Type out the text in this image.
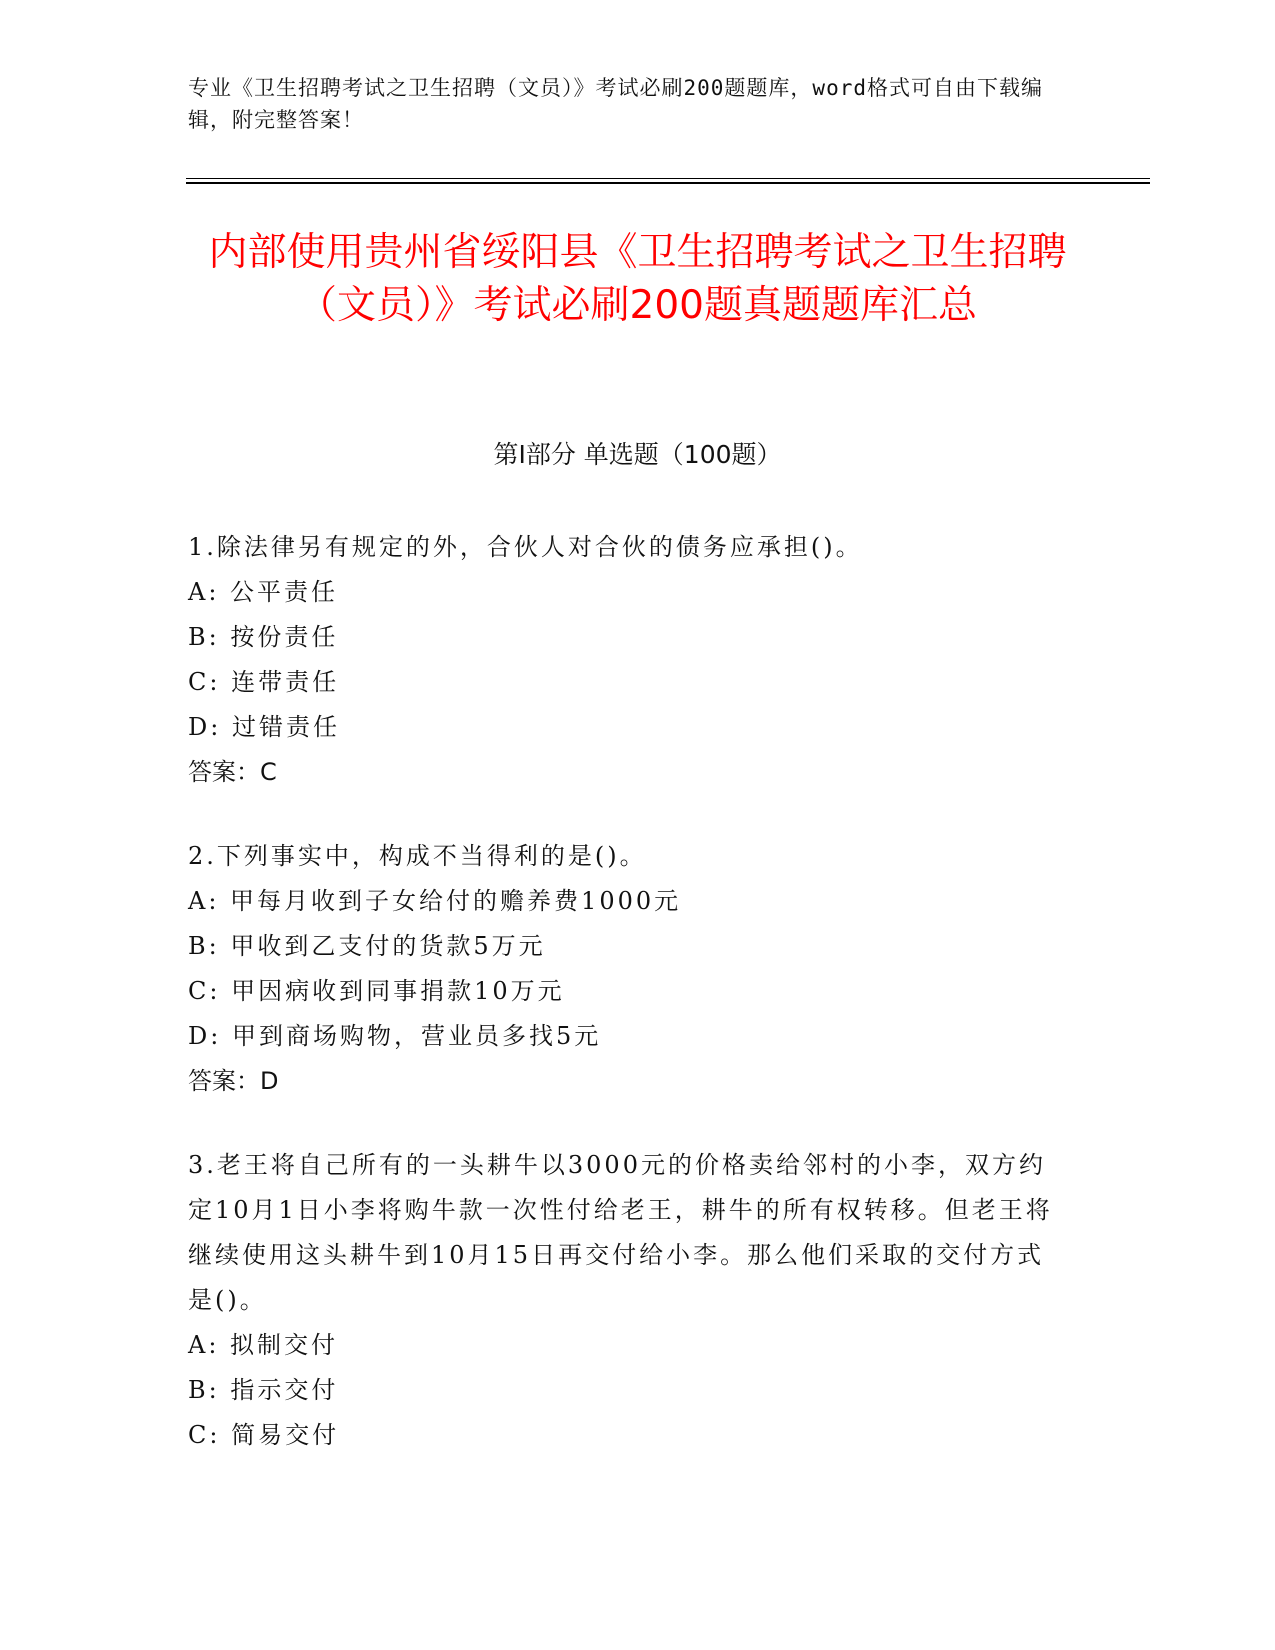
专业《卫生招聘考试之卫生招聘（文员）》考试必刷200题题库，word格式可自由下载编辑，附完整答案！
内部使用贵州省绥阳县《卫生招聘考试之卫生招聘（文员）》考试必刷200题真题题库汇总
第Ⅰ部分 单选题（100题）
1.除法律另有规定的外，合伙人对合伙的债务应承担()。
A: 公平责任
B: 按份责任
C: 连带责任
D: 过错责任
答案：C
2.下列事实中，构成不当得利的是()。
A: 甲每月收到子女给付的赡养费1000元
B: 甲收到乙支付的货款5万元
C: 甲因病收到同事捐款10万元
D: 甲到商场购物，营业员多找5元
答案：D
3.老王将自己所有的一头耕牛以3000元的价格卖给邻村的小李，双方约定10月1日小李将购牛款一次性付给老王，耕牛的所有权转移。但老王将继续使用这头耕牛到10月15日再交付给小李。那么他们采取的交付方式是()。
A: 拟制交付
B: 指示交付
C: 简易交付
